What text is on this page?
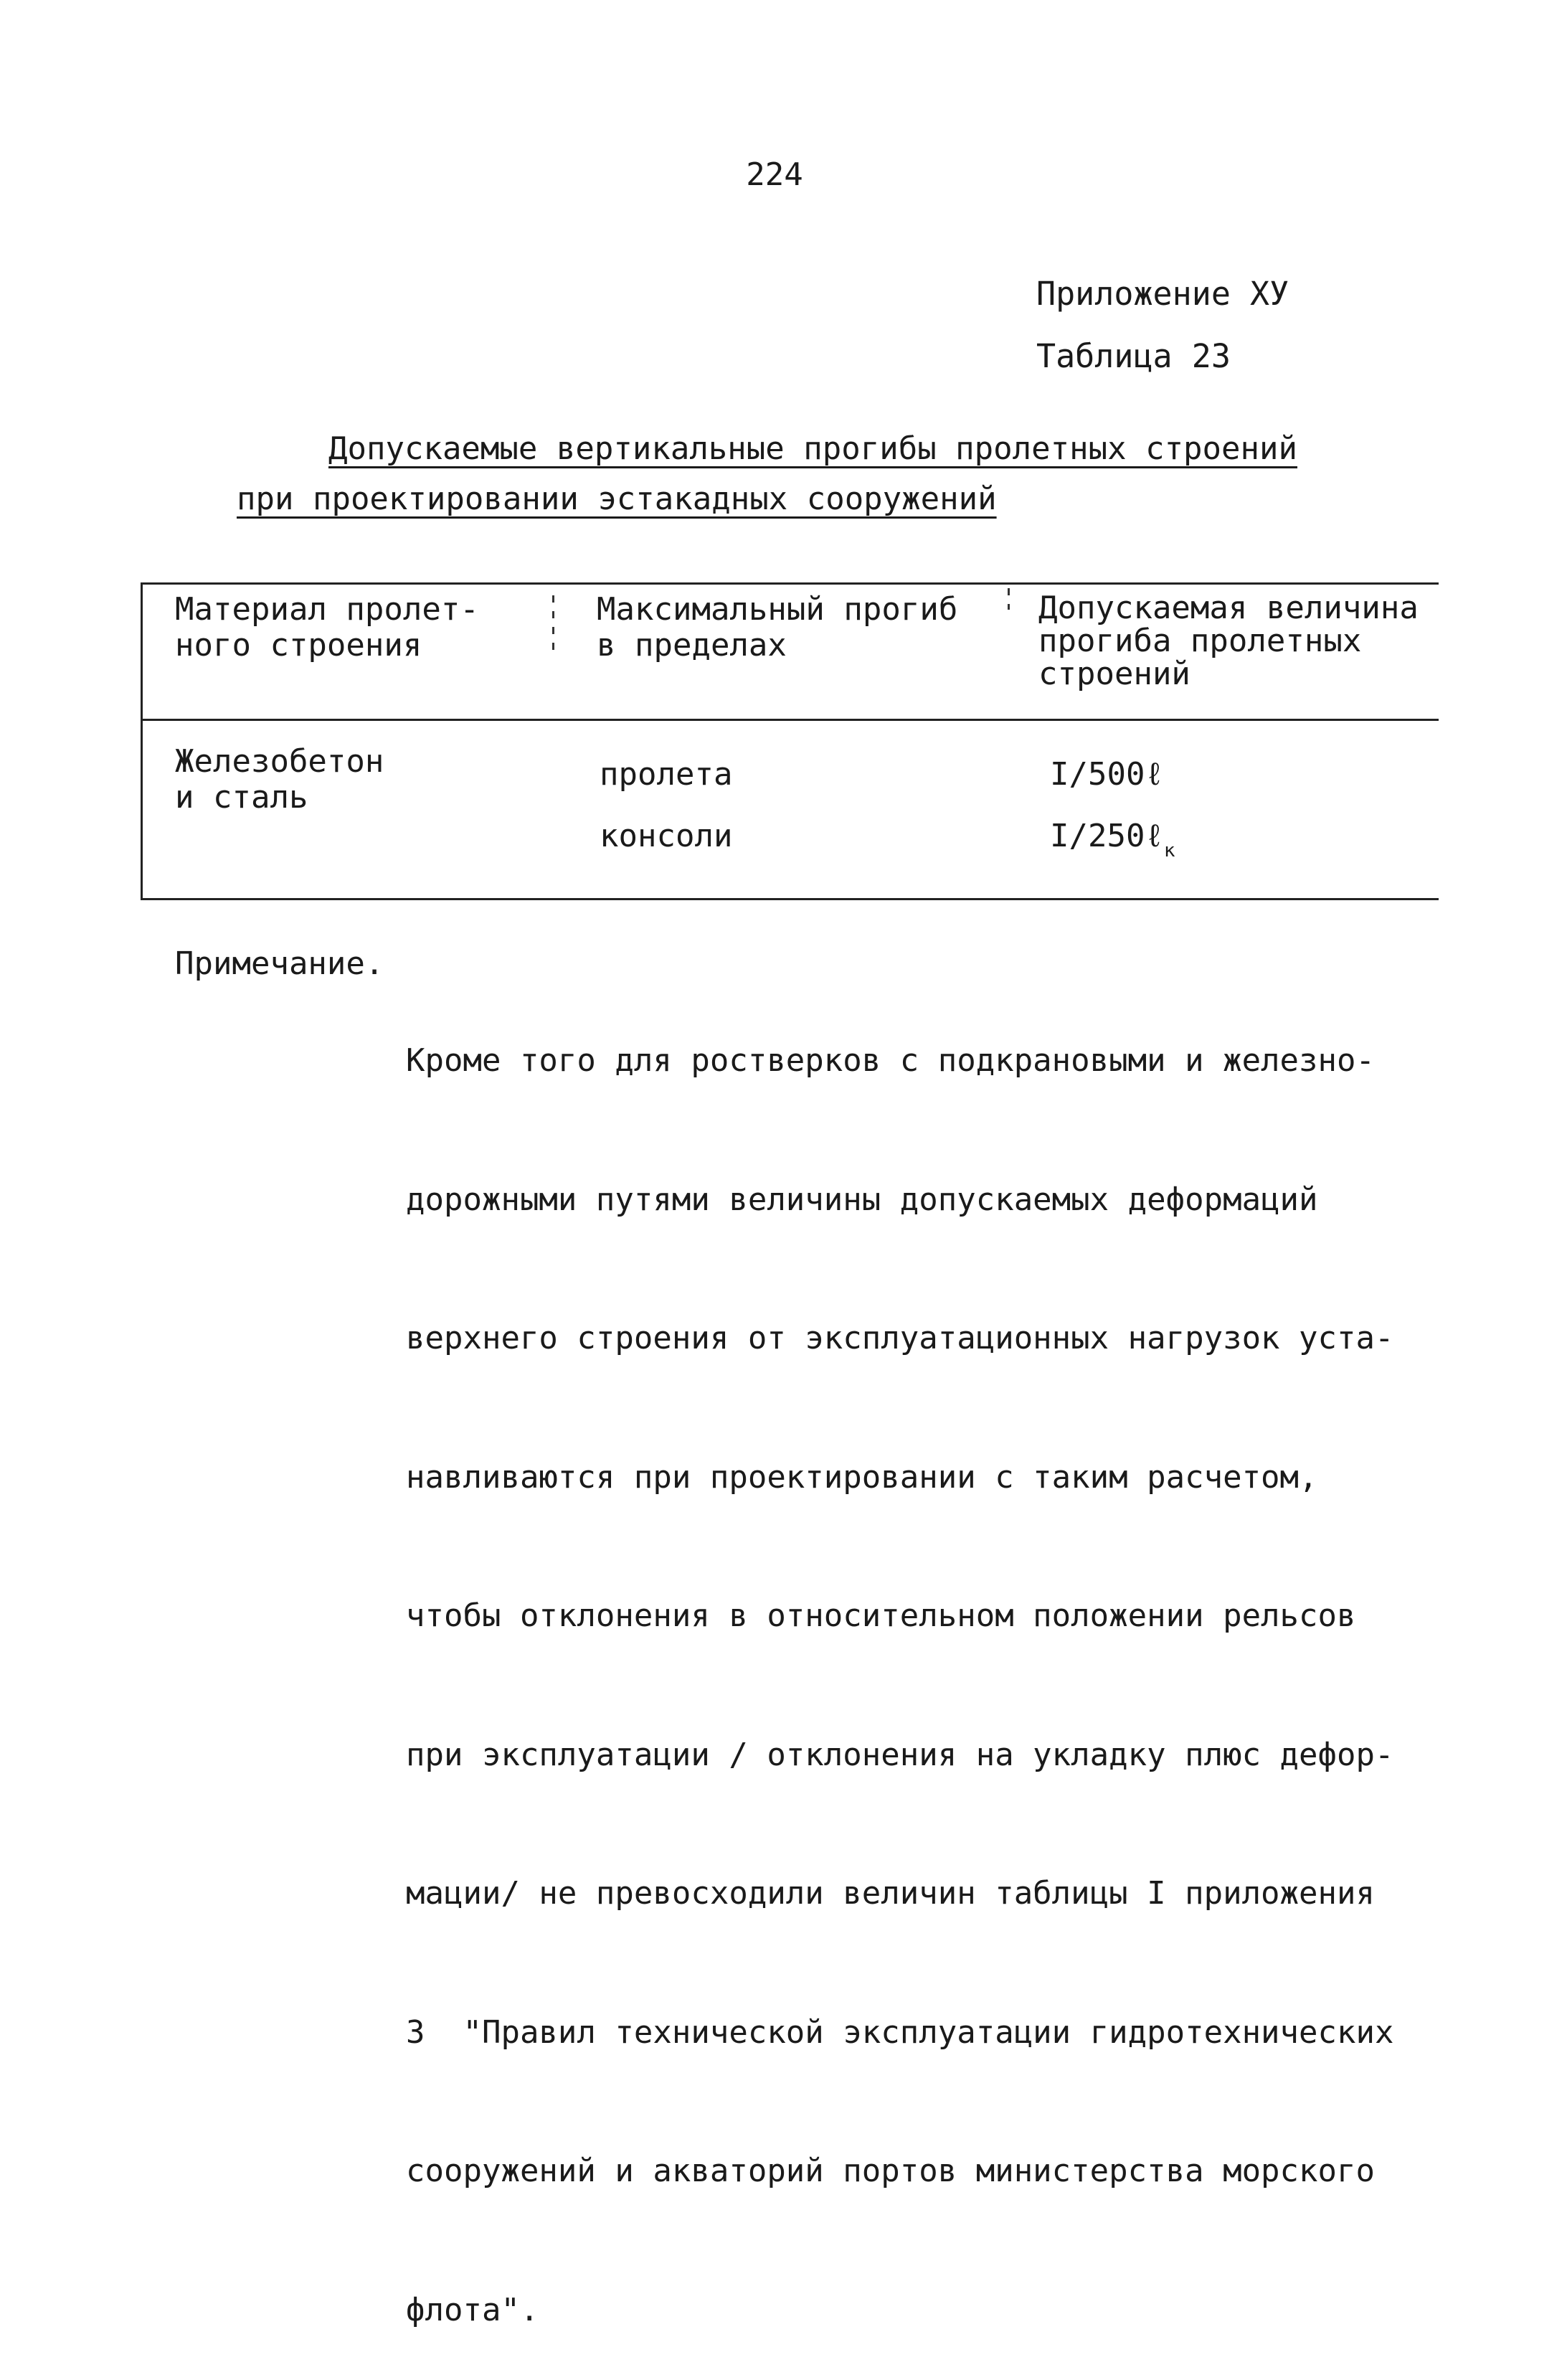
224
Приложение ХУ
Таблица 23
Допускаемые вертикальные прогибы пролетных строений
при проектировании эстакадных сооружений
Материал пролет-
ного строения
Максимальный прогиб
в пределах
Допускаемая величина
прогиба пролетных
строений
Железобетон
и сталь
пролета
консоли
I/500ℓ
I/250ℓ$_к$
Примечание.

Кроме того для ростверков с подкрановыми и железно-

дорожными путями величины допускаемых деформаций

верхнего строения от эксплуатационных нагрузок уста-

навливаются при проектировании с таким расчетом,

чтобы отклонения в относительном положении рельсов

при эксплуатации / отклонения на укладку плюс дефор-

мации/ не превосходили величин таблицы I приложения

3  "Правил технической эксплуатации гидротехнических

сооружений и акваторий портов министерства морского

флота".
